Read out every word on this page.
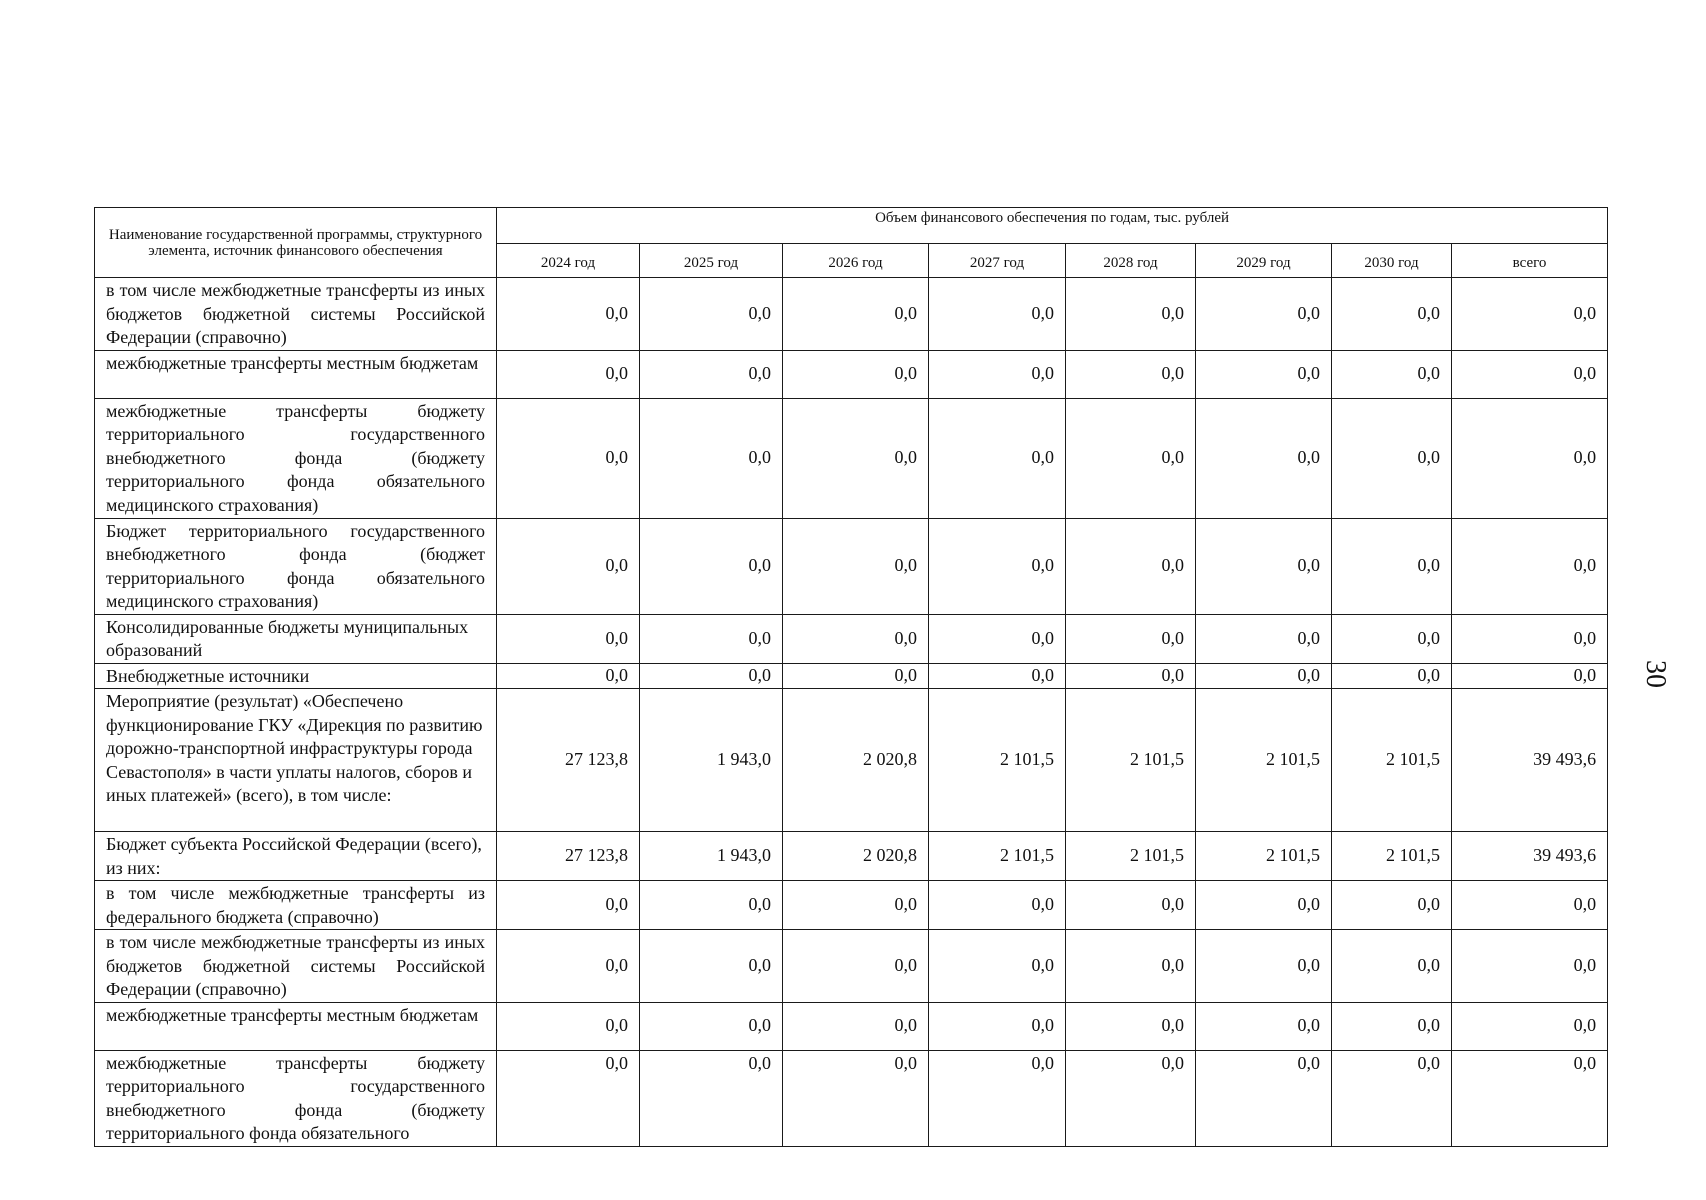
Наименование государственной программы, структурного элемента, источник финансового обеспечения	Объем финансового обеспечения по годам, тыс. рублей							
	2024 год	2025 год	2026 год	2027 год	2028 год	2029 год	2030 год	всего
в том числе межбюджетные трансферты из иных бюджетов бюджетной системы Российской Федерации (справочно)	0,0	0,0	0,0	0,0	0,0	0,0	0,0	0,0
межбюджетные трансферты местным бюджетам	0,0	0,0	0,0	0,0	0,0	0,0	0,0	0,0
межбюджетные трансферты бюджету территориального государственного внебюджетного фонда (бюджету территориального фонда обязательного медицинского страхования)	0,0	0,0	0,0	0,0	0,0	0,0	0,0	0,0
Бюджет территориального государственного внебюджетного фонда (бюджет территориального фонда обязательного медицинского страхования)	0,0	0,0	0,0	0,0	0,0	0,0	0,0	0,0
Консолидированные бюджеты муниципальных образований	0,0	0,0	0,0	0,0	0,0	0,0	0,0	0,0
Внебюджетные источники	0,0	0,0	0,0	0,0	0,0	0,0	0,0	0,0
Мероприятие (результат) «Обеспечено функционирование ГКУ «Дирекция по развитию дорожно-транспортной инфраструктуры города Севастополя» в части уплаты налогов, сборов и иных платежей» (всего), в том числе:	27 123,8	1 943,0	2 020,8	2 101,5	2 101,5	2 101,5	2 101,5	39 493,6
Бюджет субъекта Российской Федерации (всего), из них:	27 123,8	1 943,0	2 020,8	2 101,5	2 101,5	2 101,5	2 101,5	39 493,6
в том числе межбюджетные трансферты из федерального бюджета (справочно)	0,0	0,0	0,0	0,0	0,0	0,0	0,0	0,0
в том числе межбюджетные трансферты из иных бюджетов бюджетной системы Российской Федерации (справочно)	0,0	0,0	0,0	0,0	0,0	0,0	0,0	0,0
межбюджетные трансферты местным бюджетам	0,0	0,0	0,0	0,0	0,0	0,0	0,0	0,0
межбюджетные трансферты бюджету территориального государственного внебюджетного фонда (бюджету территориального фонда обязательного	0,0	0,0	0,0	0,0	0,0	0,0	0,0	0,0
30
